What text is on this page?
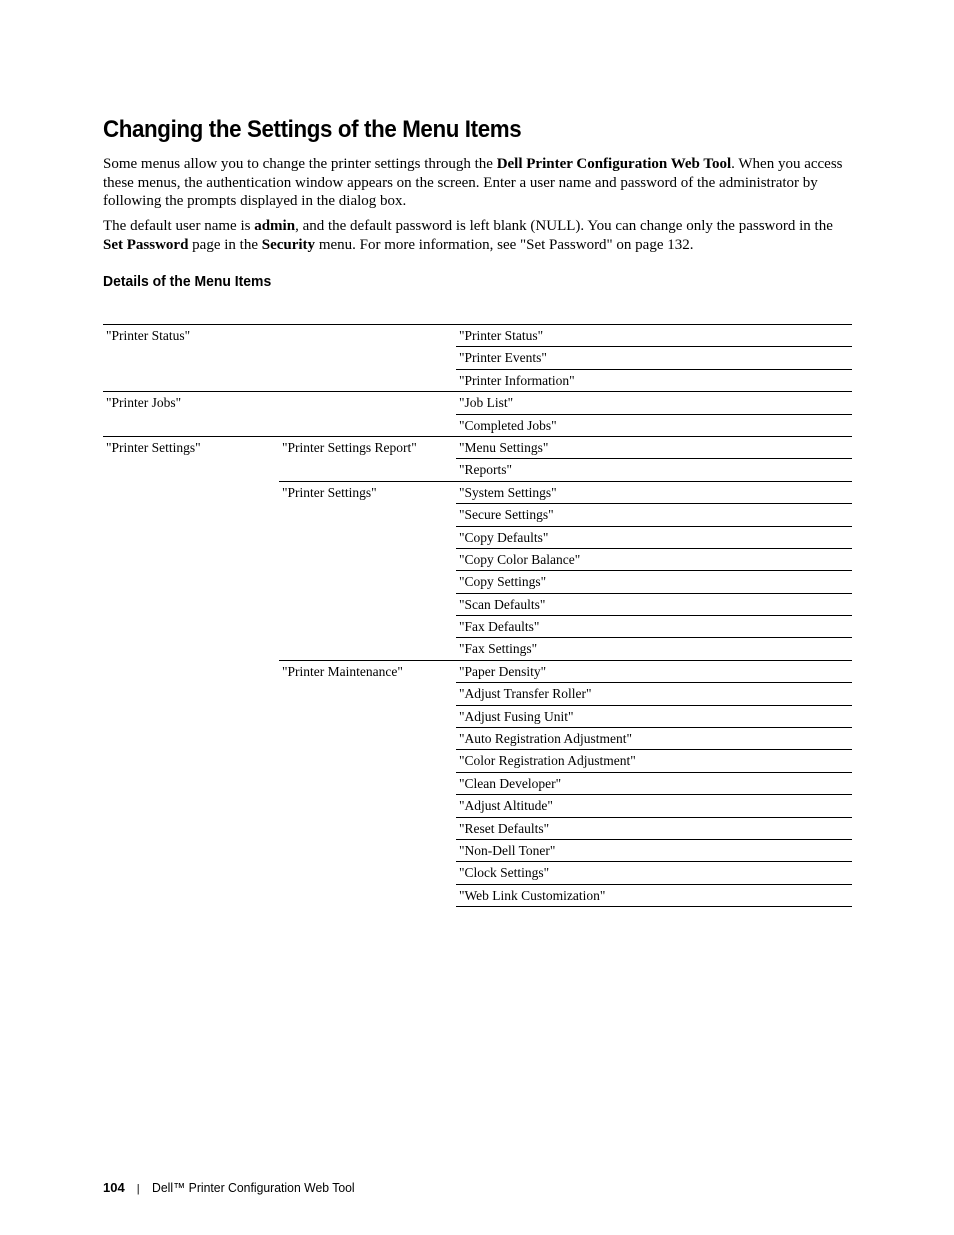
Changing the Settings of the Menu Items

Some menus allow you to change the printer settings through the Dell Printer Configuration Web Tool. When you access these menus, the authentication window appears on the screen. Enter a user name and password of the administrator by following the prompts displayed in the dialog box.

The default user name is admin, and the default password is left blank (NULL). You can change only the password in the Set Password page in the Security menu. For more information, see "Set Password" on page 132.

Details of the Menu Items
"Printer Status"		"Printer Status"
		"Printer Events"
		"Printer Information"
"Printer Jobs"		"Job List"
		"Completed Jobs"
"Printer Settings"	"Printer Settings Report"	"Menu Settings"
		"Reports"
	"Printer Settings"	"System Settings"
		"Secure Settings"
		"Copy Defaults"
		"Copy Color Balance"
		"Copy Settings"
		"Scan Defaults"
		"Fax Defaults"
		"Fax Settings"
	"Printer Maintenance"	"Paper Density"
		"Adjust Transfer Roller"
		"Adjust Fusing Unit"
		"Auto Registration Adjustment"
		"Color Registration Adjustment"
		"Clean Developer"
		"Adjust Altitude"
		"Reset Defaults"
		"Non-Dell Toner"
		"Clock Settings"
		"Web Link Customization"
104 | Dell™ Printer Configuration Web Tool
